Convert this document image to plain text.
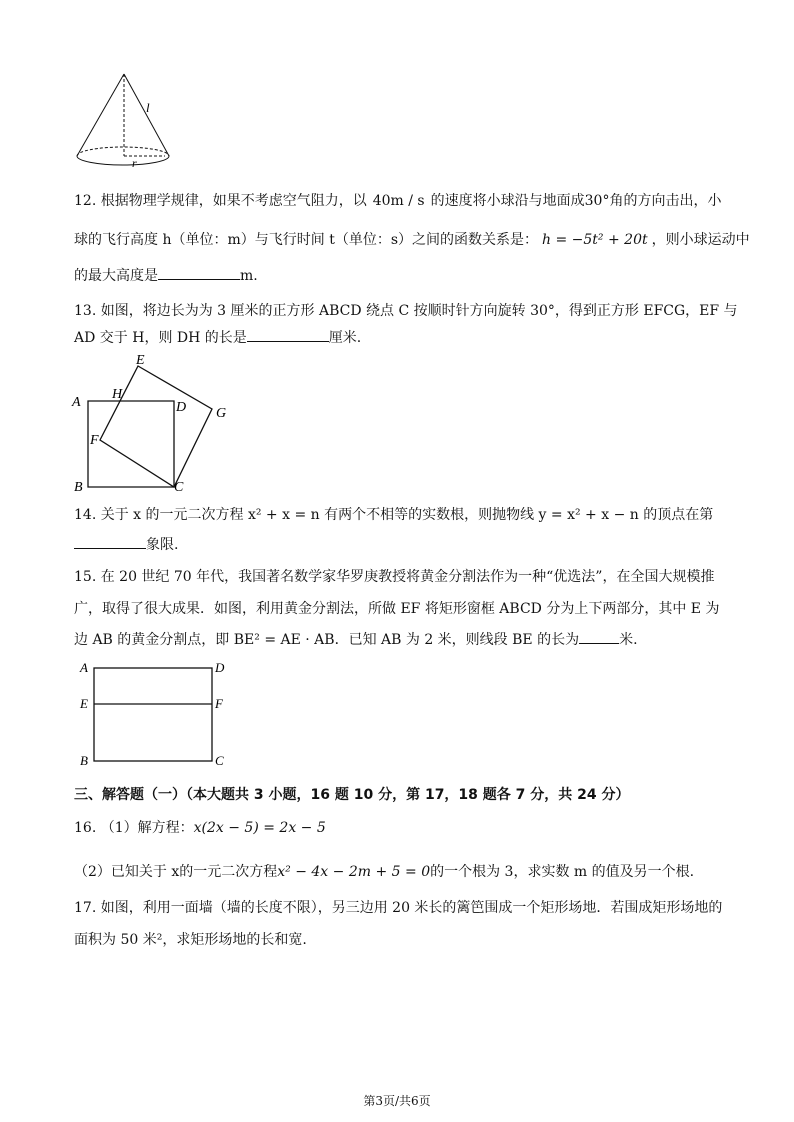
l
r
12. 根据物理学规律，如果不考虑空气阻力，以 40m / s 的速度将小球沿与地面成30°角的方向击出，小
球的飞行高度 h（单位：m）与飞行时间 t（单位：s）之间的函数关系是： h = −5t² + 20t ，则小球运动中
的最大高度是	m.
13. 如图，将边长为为 3 厘米的正方形 ABCD 绕点 C 按顺时针方向旋转 30°，得到正方形 EFCG，EF 与
AD 交于 H，则 DH 的长是	厘米.
A
B	C
D
E
F
G
H
14. 关于 x 的一元二次方程 x² + x = n 有两个不相等的实数根，则抛物线 y = x² + x − n 的顶点在第
象限.
15. 在 20 世纪 70 年代，我国著名数学家华罗庚教授将黄金分割法作为一种“优选法”，在全国大规模推
广，取得了很大成果．如图，利用黄金分割法，所做 EF 将矩形窗框 ABCD 分为上下两部分，其中 E 为
边 AB 的黄金分割点，即 BE² = AE · AB．已知 AB 为 2 米，则线段 BE 的长为	米.
A
B	C
D
E	F
三、解答题（一）（本大题共 3 小题，16 题 10 分，第 17，18 题各 7 分，共 24 分）
16. （1）解方程：x(2x − 5) = 2x − 5
（2）已知关于 x的一元二次方程x² − 4x − 2m + 5 = 0的一个根为 3，求实数 m 的值及另一个根.
17. 如图，利用一面墙（墙的长度不限），另三边用 20 米长的篱笆围成一个矩形场地．若围成矩形场地的
面积为 50 米²，求矩形场地的长和宽.
第3页/共6页
